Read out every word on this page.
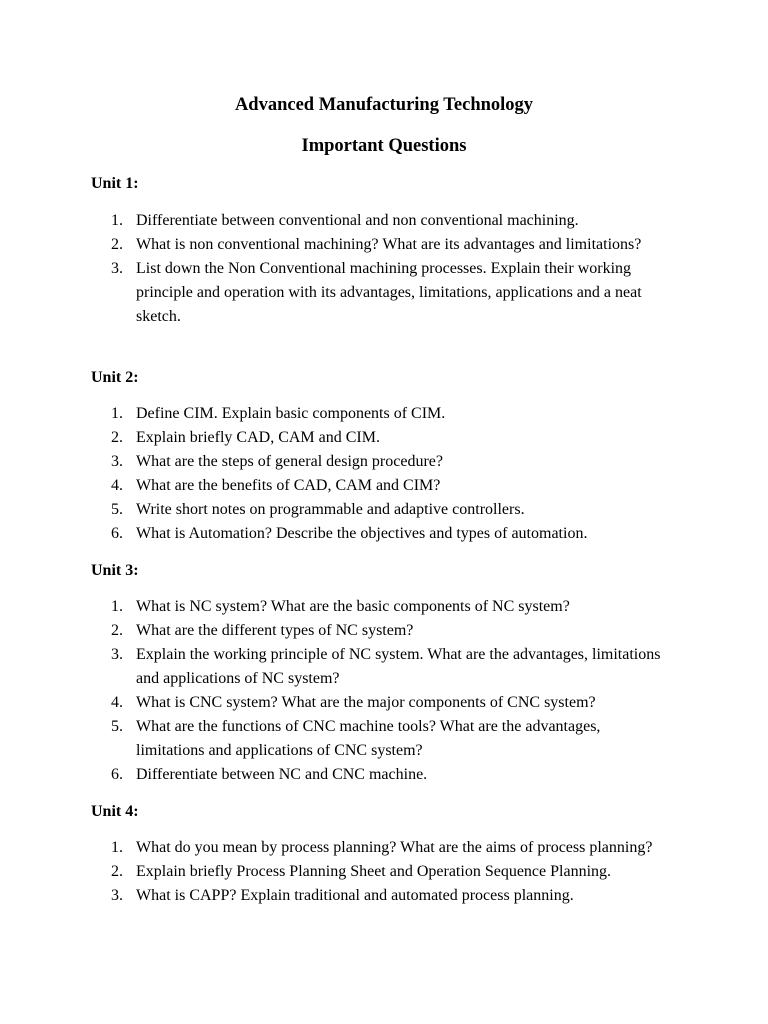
Advanced Manufacturing Technology
Important Questions
Unit 1:
1. Differentiate between conventional and non conventional machining.
2. What is non conventional machining? What are its advantages and limitations?
3. List down the Non Conventional machining processes. Explain their working principle and operation with its advantages, limitations, applications and a neat sketch.
Unit 2:
1. Define CIM. Explain basic components of CIM.
2. Explain briefly CAD, CAM and CIM.
3. What are the steps of general design procedure?
4. What are the benefits of CAD, CAM and CIM?
5. Write short notes on programmable and adaptive controllers.
6. What is Automation? Describe the objectives and types of automation.
Unit 3:
1. What is NC system? What are the basic components of NC system?
2. What are the different types of NC system?
3. Explain the working principle of NC system. What are the advantages, limitations and applications of NC system?
4. What is CNC system? What are the major components of CNC system?
5. What are the functions of CNC machine tools? What are the advantages, limitations and applications of CNC system?
6. Differentiate between NC and CNC machine.
Unit 4:
1. What do you mean by process planning? What are the aims of process planning?
2. Explain briefly Process Planning Sheet and Operation Sequence Planning.
3. What is CAPP? Explain traditional and automated process planning.
